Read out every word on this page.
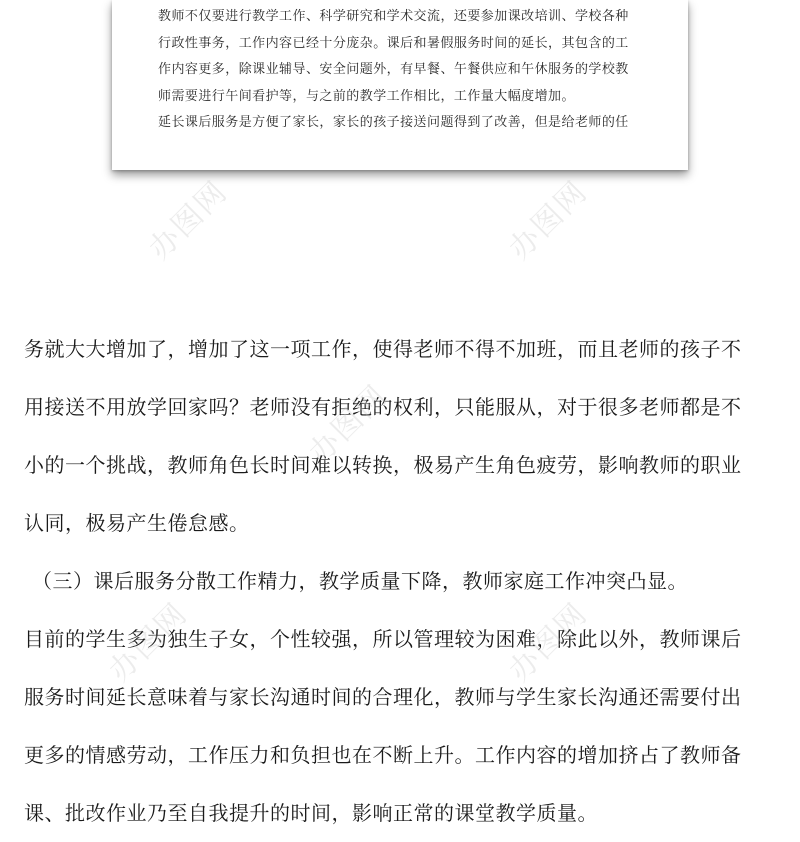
教师不仅要进行教学工作、科学研究和学术交流，还要参加课改培训、学校各种
行政性事务，工作内容已经十分庞杂。课后和暑假服务时间的延长，其包含的工
作内容更多，除课业辅导、安全问题外，有早餐、午餐供应和午休服务的学校教
师需要进行午间看护等，与之前的教学工作相比，工作量大幅度增加。
延长课后服务是方便了家长，家长的孩子接送问题得到了改善，但是给老师的任
务就大大增加了，增加了这一项工作，使得老师不得不加班，而且老师的孩子不
用接送不用放学回家吗？老师没有拒绝的权利，只能服从，对于很多老师都是不
小的一个挑战，教师角色长时间难以转换，极易产生角色疲劳，影响教师的职业
认同，极易产生倦怠感。
（三）课后服务分散工作精力，教学质量下降，教师家庭工作冲突凸显。
目前的学生多为独生子女，个性较强，所以管理较为困难，除此以外，教师课后
服务时间延长意味着与家长沟通时间的合理化，教师与学生家长沟通还需要付出
更多的情感劳动，工作压力和负担也在不断上升。工作内容的增加挤占了教师备
课、批改作业乃至自我提升的时间，影响正常的课堂教学质量。
办图网	办图网
办图网
办图网	办图网
